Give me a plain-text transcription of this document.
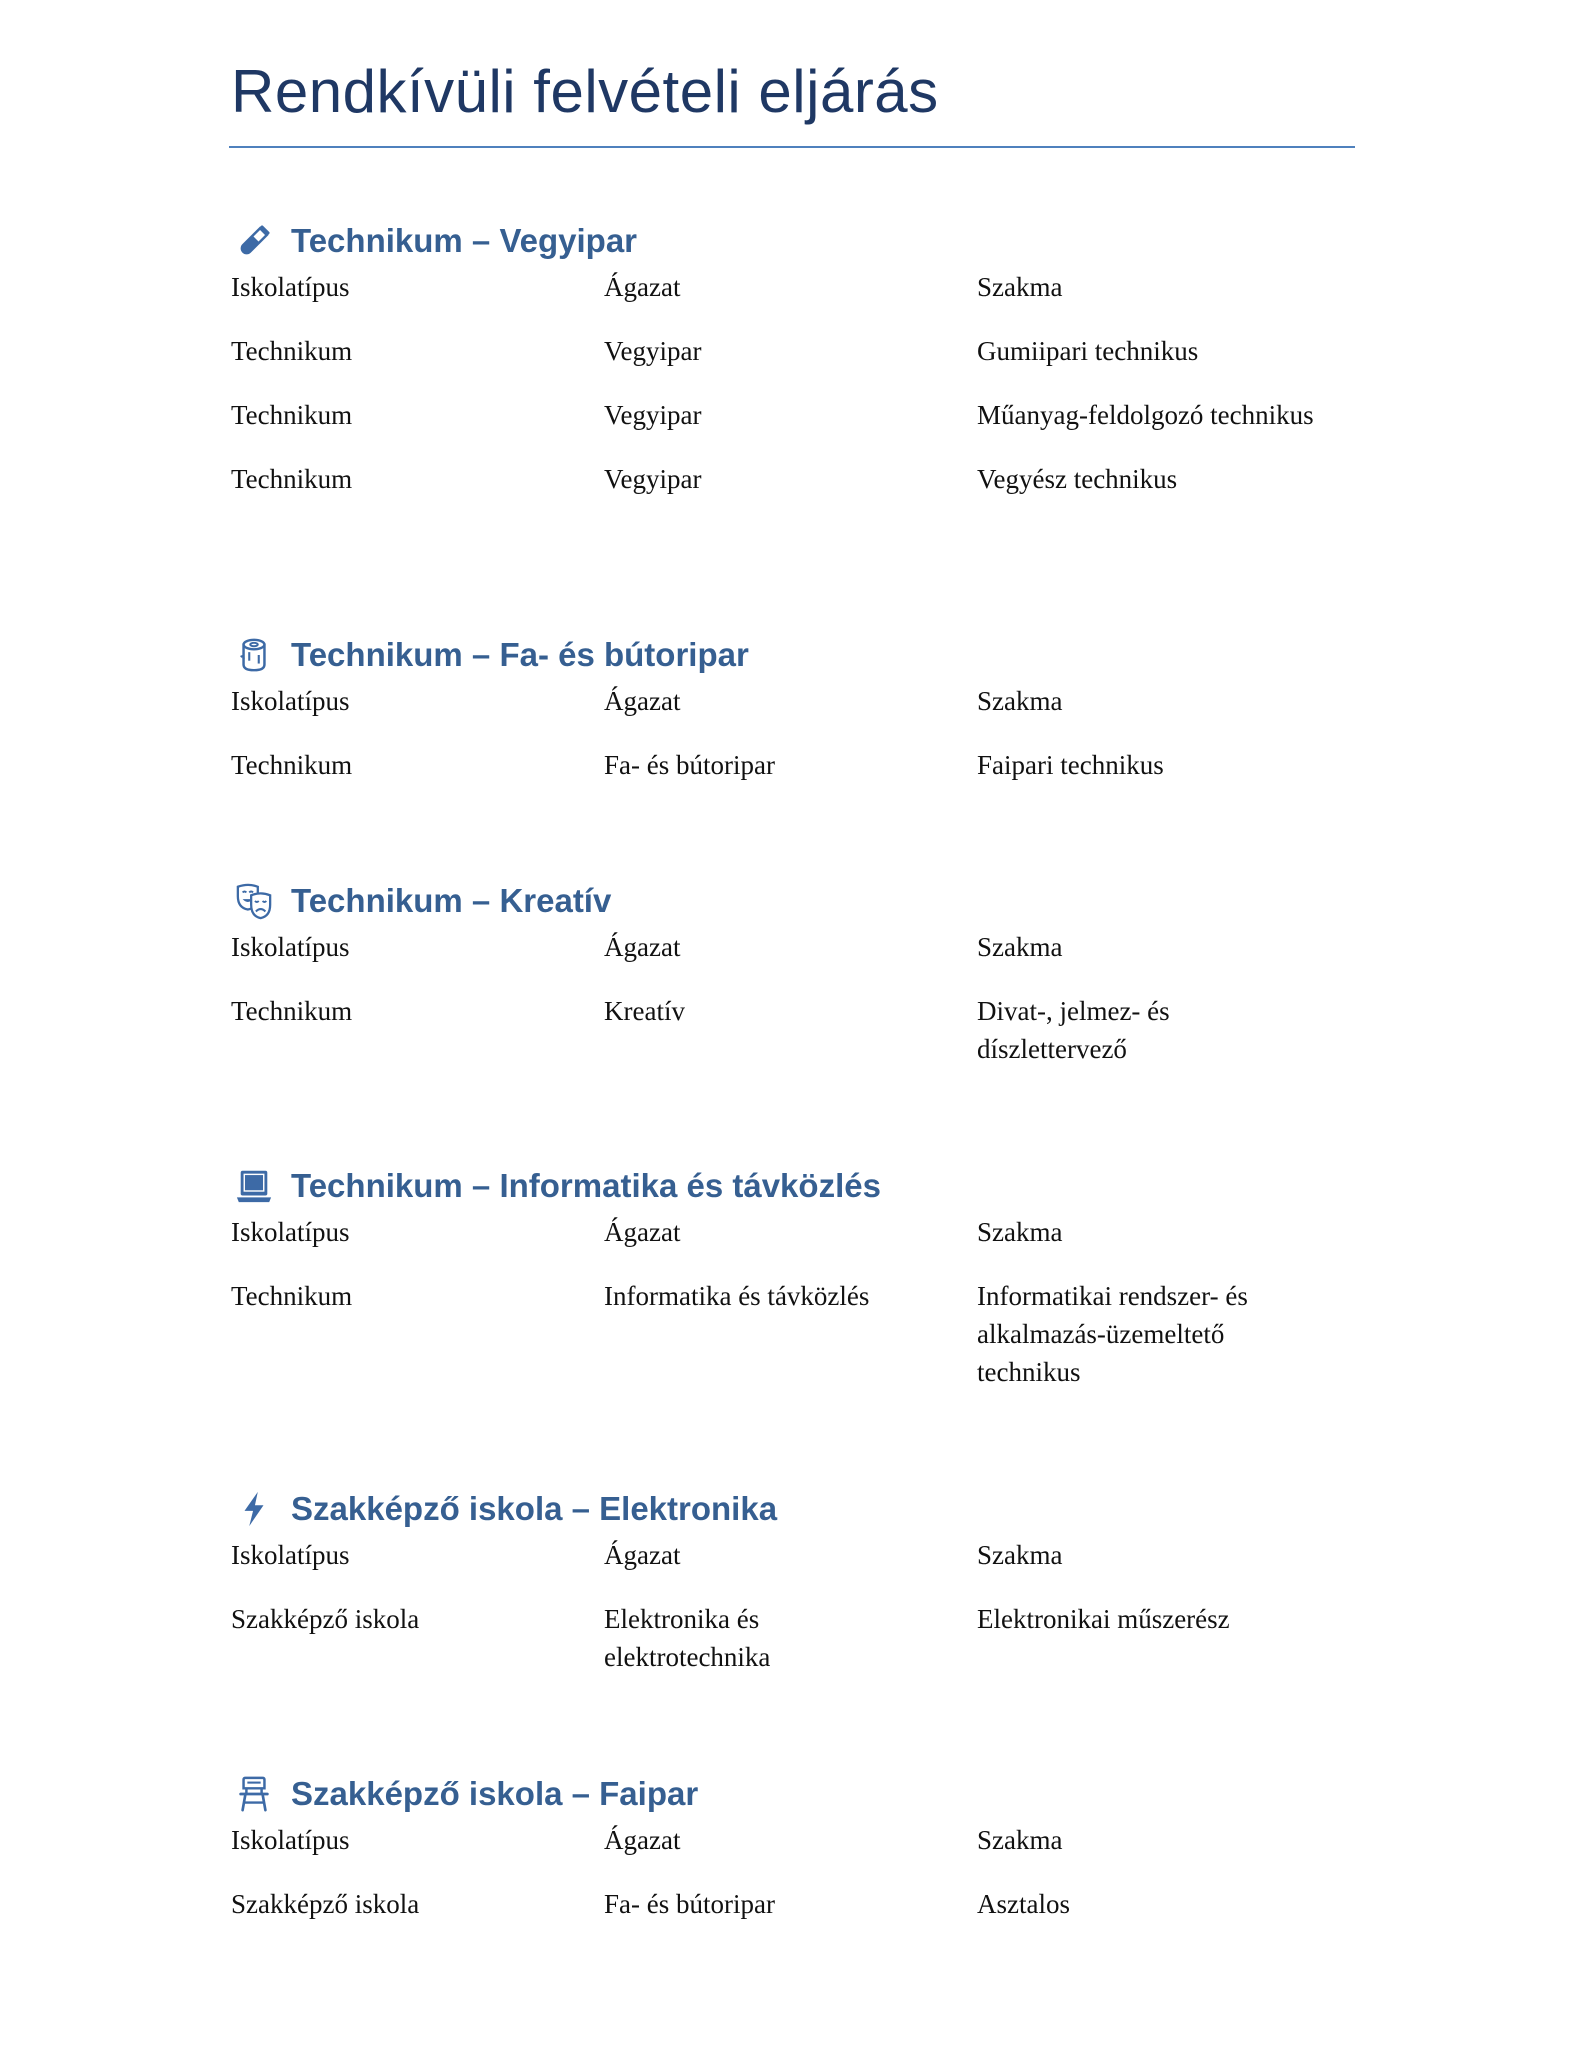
Rendkívüli felvételi eljárás
Technikum – Vegyipar
Iskolatípus	Ágazat	Szakma
Technikum	Vegyipar	Gumiipari technikus
Technikum	Vegyipar	Műanyag-feldolgozó technikus
Technikum	Vegyipar	Vegyész technikus
Technikum – Fa- és bútoripar
Iskolatípus	Ágazat	Szakma
Technikum	Fa- és bútoripar	Faipari technikus
Technikum – Kreatív
Iskolatípus	Ágazat	Szakma
Technikum	Kreatív	Divat-, jelmez- és díszlettervező
Technikum – Informatika és távközlés
Iskolatípus	Ágazat	Szakma
Technikum	Informatika és távközlés	Informatikai rendszer- és alkalmazás-üzemeltető technikus
Szakképző iskola – Elektronika
Iskolatípus	Ágazat	Szakma
Szakképző iskola	Elektronika és elektrotechnika	Elektronikai műszerész
Szakképző iskola – Faipar
Iskolatípus	Ágazat	Szakma
Szakképző iskola	Fa- és bútoripar	Asztalos
